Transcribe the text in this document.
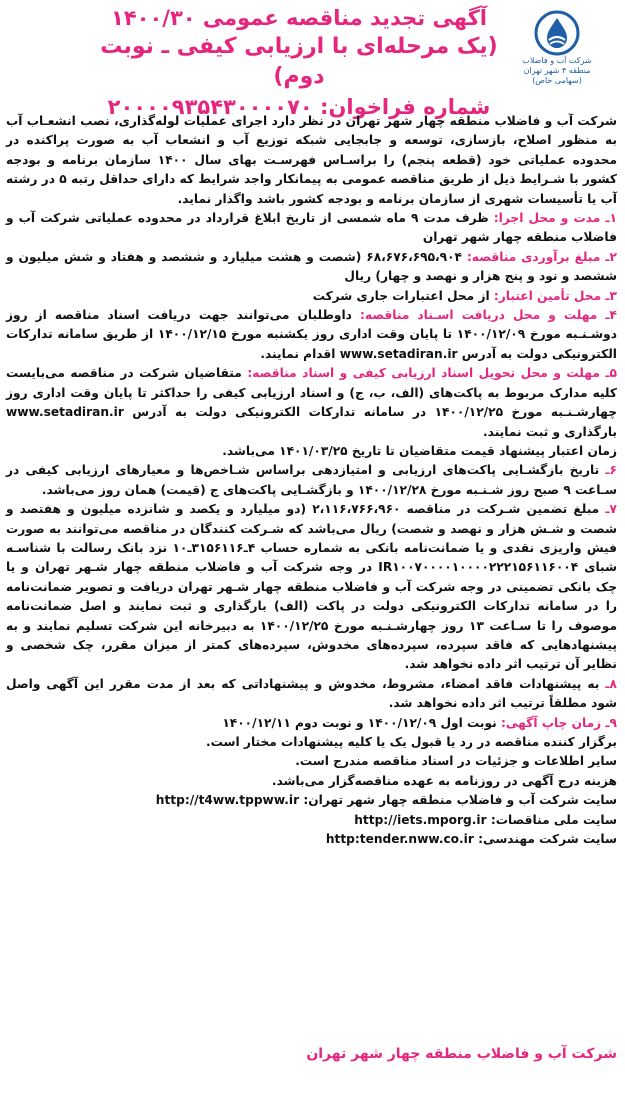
شرکت آب و فاضلاب
منطقه ۴ شهر تهران
(سهامی خاص)
آگهی تجدید مناقصه عمومی ۱۴۰۰/۳۰
(یک مرحله‌ای با ارزیابی کیفی ـ نوبت دوم)
شماره فراخوان: ۲۰۰۰۰۹۳۵۴۳۰۰۰۰۷۰

شرکت آب و فاضلاب منطقه چهار شهر تهران در نظر دارد اجرای عملیات لوله‌گذاری، نصب انشعـاب آب به منظور اصلاح، بازسازی، توسعه و جابجایی شبکه توزیع آب و انشعاب آب به صورت پراکنده در محدوده عملیاتی خود (قطعه پنجم) را براسـاس فهرسـت بهای سال ۱۴۰۰ سازمان برنامه و بودجه کشور با شـرایط ذیل از طریق مناقصه عمومی به پیمانکار واجد شرایط که دارای حداقل رتبه ۵ در رشته آب یا تأسیسات شهری از سازمان برنامه و بودجه کشور باشد واگذار نماید.

۱ـ مدت و محل اجرا: ظرف مدت ۹ ماه شمسی از تاریخ ابلاغ قرارداد در محدوده عملیاتی شرکت آب و فاضلاب منطقه چهار شهر تهران

۲ـ مبلغ برآوردی مناقصه: ۶۸،۶۷۶،۶۹۵،۹۰۴ (شصت و هشت میلیارد و ششصد و هفتاد و شش میلیون و ششصد و نود و پنج هزار و نهصد و چهار) ریال

۳ـ محل تأمین اعتبار: از محل اعتبارات جاری شرکت

۴ـ مهلت و محل دریافت اسـناد مناقصه: داوطلبان می‌توانند جهت دریافت اسناد مناقصه از روز دوشـنـبه مورخ ۱۴۰۰/۱۲/۰۹ تا پایان وقت اداری روز یکشنبه مورخ ۱۴۰۰/۱۲/۱۵ از طریق سامانه تدارکات الکترونیکی دولت به آدرس www.setadiran.ir اقدام نمایند.

۵ـ مهلت و محل تحویل اسناد ارزیابی کیفی و اسناد مناقصه: متقاضیان شرکت در مناقصه می‌بایست کلیه مدارک مربوط به پاکت‌های (الف، ب، ج) و اسناد ارزیابی کیفی را حداکثر تا پایان وقت اداری روز چهارشـنـبه مورخ ۱۴۰۰/۱۲/۲۵ در سامانه تدارکات الکترونیکی دولت به آدرس www.setadiran.ir بارگذاری و ثبت نمایند.

زمان اعتبار پیشنهاد قیمت متقاضیان تا تاریخ ۱۴۰۱/۰۳/۲۵ می‌باشد.

۶ـ تاریخ بازگشـایی پاکت‌های ارزیابی و امتیازدهی براساس شـاخص‌ها و معیارهای ارزیابی کیفی در سـاعت ۹ صبح روز شـنـبه مورخ ۱۴۰۰/۱۲/۲۸ و بازگشـایی پاکت‌های ج (قیمت) همان روز می‌باشد.

۷ـ مبلغ تضمین شـرکت در مناقصه ۲،۱۱۶،۷۶۶،۹۶۰ (دو میلیارد و یکصد و شانزده میلیون و هفتصد و شصت و شـش هزار و نهصد و شصت) ریال می‌باشد که شـرکت کنندگان در مناقصه می‌توانند به صورت فیش واریزی نقدی و یا ضمانت‌نامه بانکی به شماره حساب ۴ـ۳۱۵۶۱۱۶ـ۱۰ نزد بانک رسالت با شناسـه شبای IR۱۰۰۷۰۰۰۰۱۰۰۰۰۲۲۲۱۵۶۱۱۶۰۰۴ در وجه شرکت آب و فاضلاب منطقه چهار شـهر تهران و یا چک بانکی تضمینی در وجه شرکت آب و فاضلاب منطقه چهار شـهر تهران دریافت و تصویر ضمانت‌نامه را در سامانه تدارکات الکترونیکی دولت در پاکت (الف) بارگذاری و ثبت نمایند و اصل ضمانت‌نامه موصوف را تا سـاعت ۱۳ روز چهارشـنـبه مورخ ۱۴۰۰/۱۲/۲۵ به دبیرخانه این شرکت تسلیم نمایند و به پیشنهادهایی که فاقد سپرده، سپرده‌های مخدوش، سپرده‌های کمتر از میزان مقرر، چک شخصی و نظایر آن ترتیب اثر داده نخواهد شد.

۸ـ به پیشنهادات فاقد امضاء، مشروط، مخدوش و پیشنهاداتی که بعد از مدت مقرر این آگهی واصل شود مطلقاً ترتیب اثر داده نخواهد شد.

۹ـ زمان چاپ آگهی: نوبت اول ۱۴۰۰/۱۲/۰۹ و نوبت دوم ۱۴۰۰/۱۲/۱۱

برگزار کننده مناقصه در رد یا قبول یک یا کلیه پیشنهادات مختار است.

سایر اطلاعات و جزئیات در اسناد مناقصه مندرج است.

هزینه درج آگهی در روزنامه به عهده مناقصه‌گزار می‌باشد.

سایت شرکت آب و فاضلاب منطقه چهار شهر تهران: http://t4ww.tppww.ir

سایت ملی مناقصات: http://iets.mporg.ir

سایت شرکت مهندسی: http:tender.nww.co.ir

شرکت آب و فاضلاب منطقه چهار شهر تهران
